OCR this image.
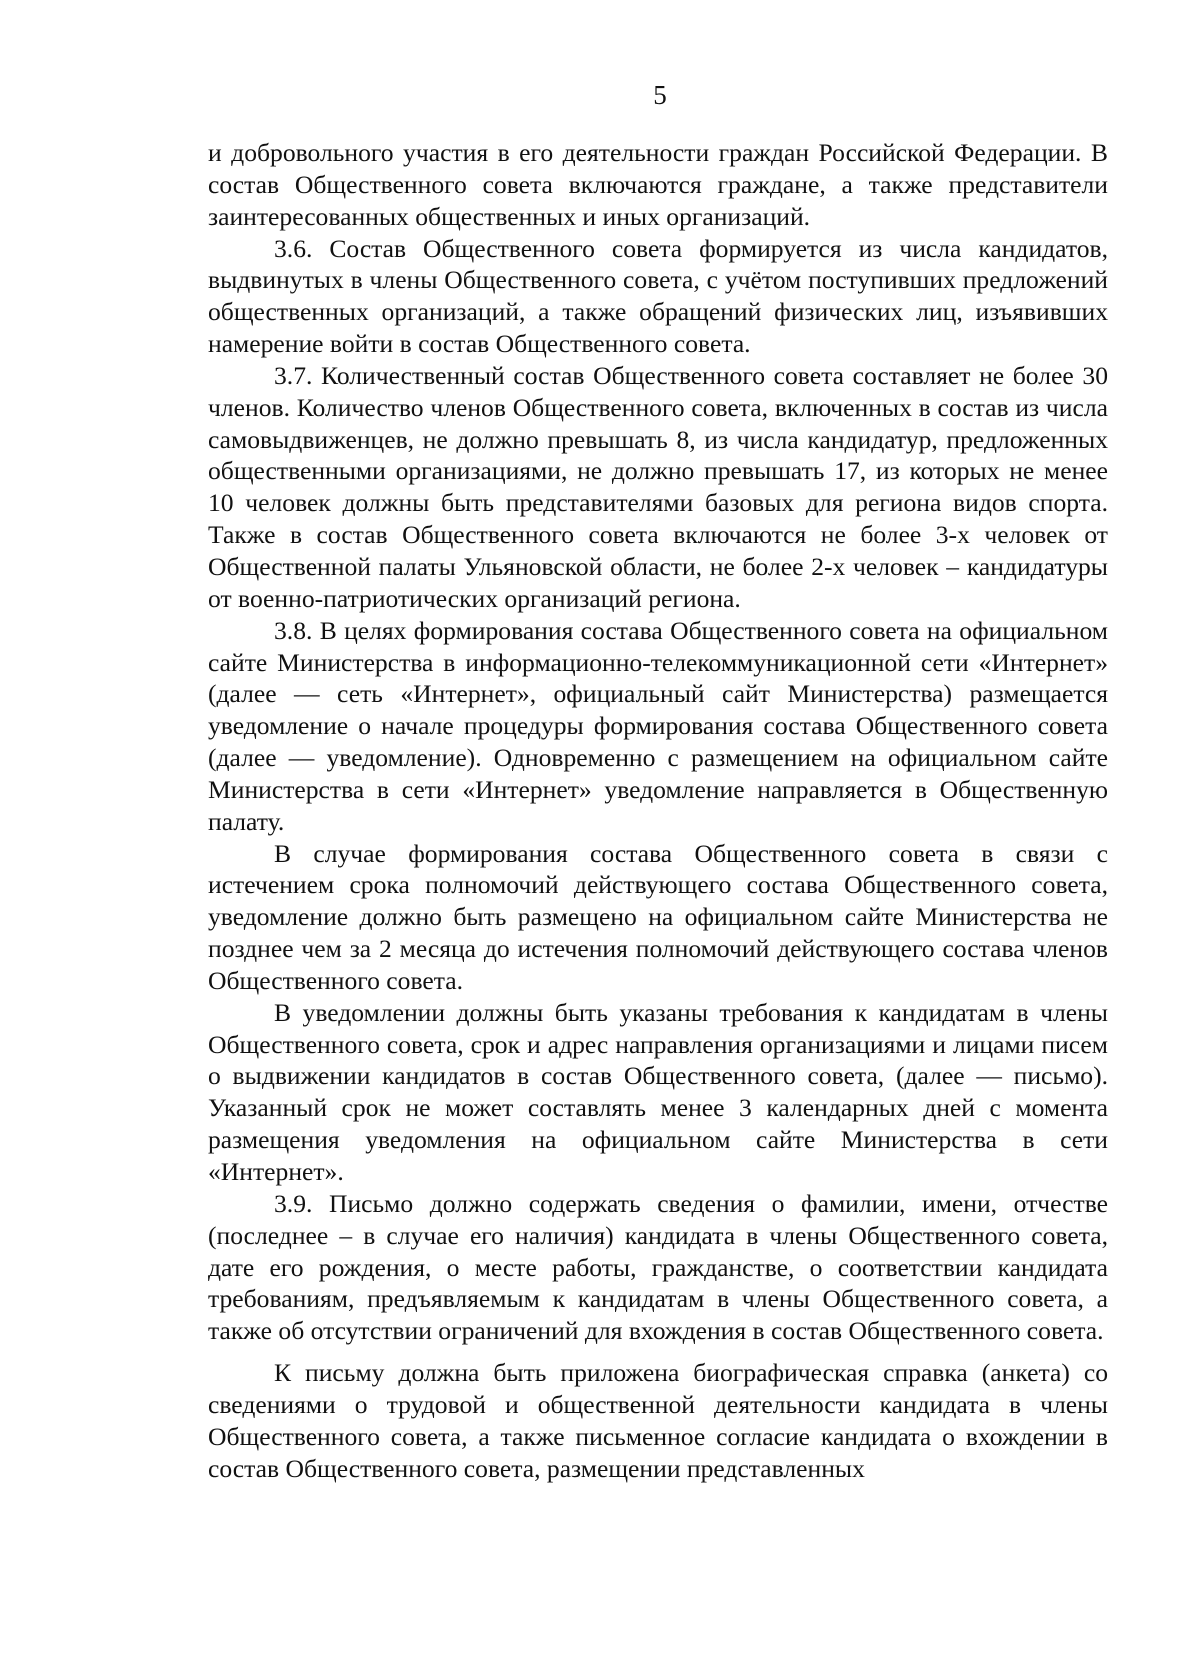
5

и добровольного участия в его деятельности граждан Российской Федерации. В состав Общественного совета включаются граждане, а также представители заинтересованных общественных и иных организаций.

3.6. Состав Общественного совета формируется из числа кандидатов, выдвинутых в члены Общественного совета, с учётом поступивших предложений общественных организаций, а также обращений физических лиц, изъявивших намерение войти в состав Общественного совета.

3.7. Количественный состав Общественного совета составляет не более 30 членов. Количество членов Общественного совета, включенных в состав из числа самовыдвиженцев, не должно превышать 8, из числа кандидатур, предложенных общественными организациями, не должно превышать 17, из которых не менее 10 человек должны быть представителями базовых для региона видов спорта. Также в состав Общественного совета включаются не более 3-х человек от Общественной палаты Ульяновской области, не более 2-х человек – кандидатуры от военно-патриотических организаций региона.

3.8. В целях формирования состава Общественного совета на официальном сайте Министерства в информационно-телекоммуникационной сети «Интернет» (далее — сеть «Интернет», официальный сайт Министерства) размещается уведомление о начале процедуры формирования состава Общественного совета (далее — уведомление). Одновременно с размещением на официальном сайте Министерства в сети «Интернет» уведомление направляется в Общественную палату.

В случае формирования состава Общественного совета в связи с истечением срока полномочий действующего состава Общественного совета, уведомление должно быть размещено на официальном сайте Министерства не позднее чем за 2 месяца до истечения полномочий действующего состава членов Общественного совета.

В уведомлении должны быть указаны требования к кандидатам в члены Общественного совета, срок и адрес направления организациями и лицами писем о выдвижении кандидатов в состав Общественного совета, (далее — письмо). Указанный срок не может составлять менее 3 календарных дней с момента размещения уведомления на официальном сайте Министерства в сети «Интернет».

3.9. Письмо должно содержать сведения о фамилии, имени, отчестве (последнее – в случае его наличия) кандидата в члены Общественного совета, дате его рождения, о месте работы, гражданстве, о соответствии кандидата требованиям, предъявляемым к кандидатам в члены Общественного совета, а также об отсутствии ограничений для вхождения в состав Общественного совета.

К письму должна быть приложена биографическая справка (анкета) со сведениями о трудовой и общественной деятельности кандидата в члены Общественного совета, а также письменное согласие кандидата о вхождении в состав Общественного совета, размещении представленных
